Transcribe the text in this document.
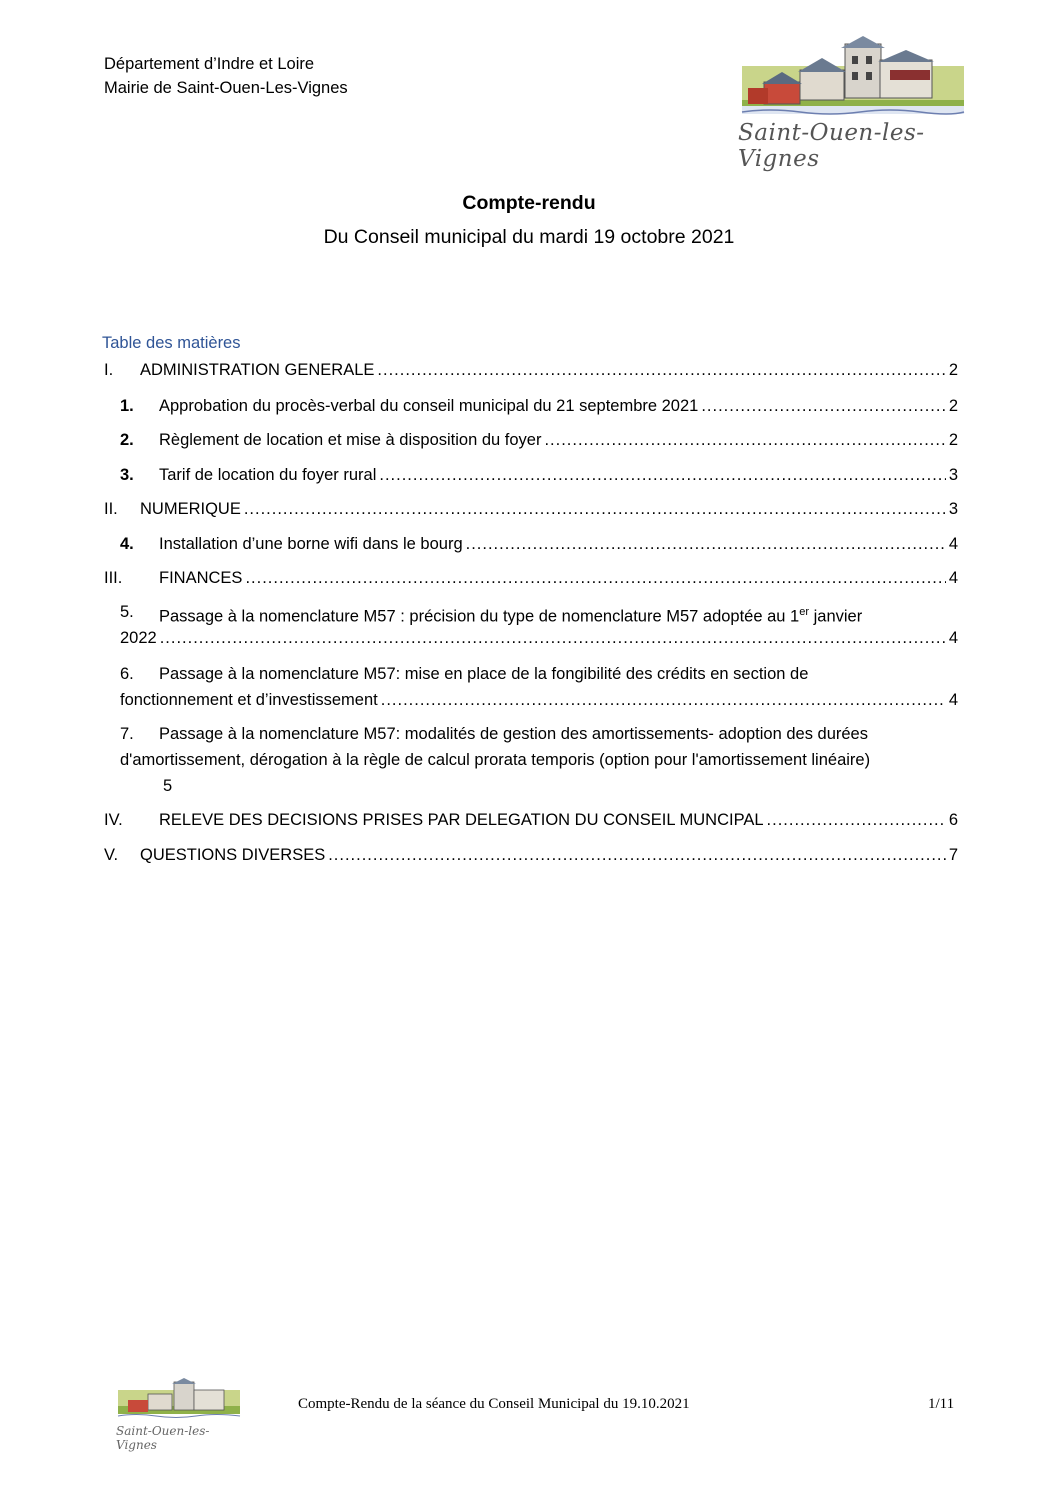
Département d’Indre et Loire
Mairie de Saint-Ouen-Les-Vignes
Saint-Ouen-les-Vignes
Compte-rendu
Du Conseil municipal du mardi 19 octobre 2021
Table des matières
I. ADMINISTRATION GENERALE .....	2
1. Approbation du procès-verbal du conseil municipal du 21 septembre 2021 .....	2
2. Règlement de location et mise à disposition du foyer .....	2
3. Tarif de location du foyer rural .....	3
II. NUMERIQUE .....	3
4. Installation d’une borne wifi dans le bourg .....	4
III. FINANCES .....	4
5. Passage à la nomenclature M57 : précision du type de nomenclature M57 adoptée au 1er janvier
2022 .....	4
6. Passage à la nomenclature M57: mise en place de la fongibilité des crédits en section de
fonctionnement et d’investissement .....	4
7. Passage à la nomenclature M57: modalités de gestion des amortissements- adoption des durées
d'amortissement, dérogation à la règle de calcul prorata temporis (option pour l'amortissement linéaire)
5
IV. RELEVE DES DECISIONS PRISES PAR DELEGATION DU CONSEIL MUNCIPAL .....	6
V. QUESTIONS DIVERSES .....	7
Saint-Ouen-les-Vignes
Compte-Rendu de la séance du Conseil Municipal du 19.10.2021	1/11
